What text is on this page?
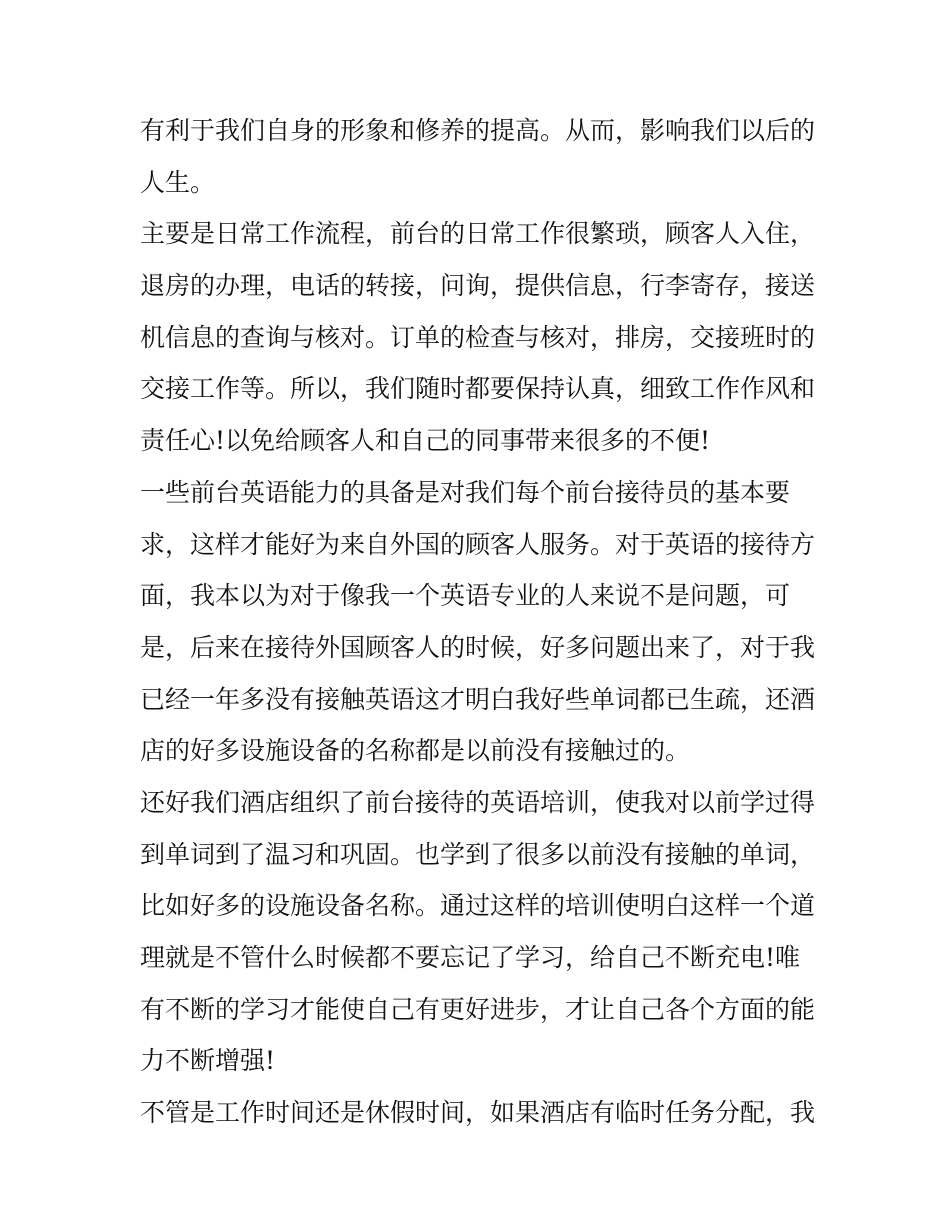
有利于我们自身的形象和修养的提高。从而，影响我们以后的
人生。
主要是日常工作流程，前台的日常工作很繁琐，顾客人入住，
退房的办理，电话的转接，问询，提供信息，行李寄存，接送
机信息的查询与核对。订单的检查与核对，排房，交接班时的
交接工作等。所以，我们随时都要保持认真，细致工作作风和
责任心!以免给顾客人和自己的同事带来很多的不便!
一些前台英语能力的具备是对我们每个前台接待员的基本要
求，这样才能好为来自外国的顾客人服务。对于英语的接待方
面，我本以为对于像我一个英语专业的人来说不是问题，可
是，后来在接待外国顾客人的时候，好多问题出来了，对于我
已经一年多没有接触英语这才明白我好些单词都已生疏，还酒
店的好多设施设备的名称都是以前没有接触过的。
还好我们酒店组织了前台接待的英语培训，使我对以前学过得
到单词到了温习和巩固。也学到了很多以前没有接触的单词，
比如好多的设施设备名称。通过这样的培训使明白这样一个道
理就是不管什么时候都不要忘记了学习，给自己不断充电!唯
有不断的学习才能使自己有更好进步，才让自己各个方面的能
力不断增强!
不管是工作时间还是休假时间，如果酒店有临时任务分配，我
